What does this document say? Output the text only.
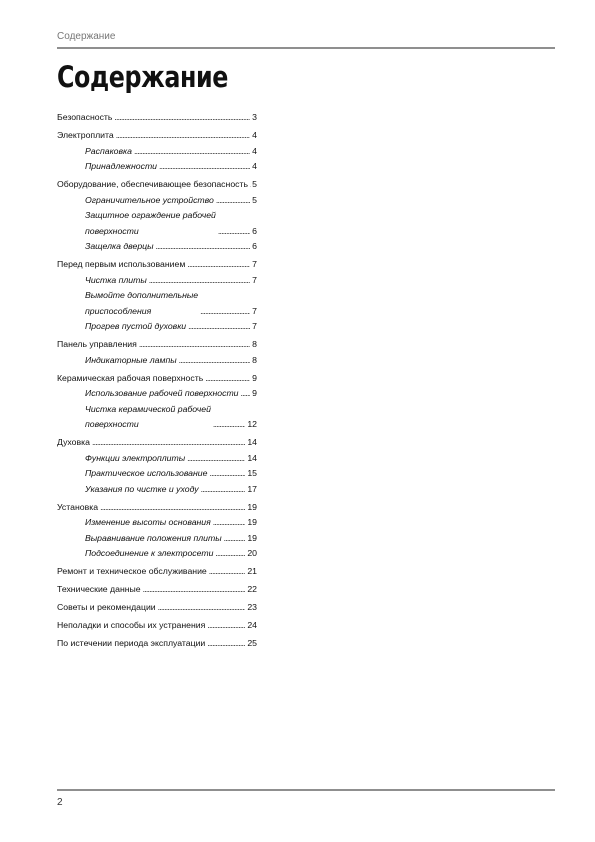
Содержание
Содержание
Безопасность . . .	3
Электроплита . . .	4
Распаковка . . .	4
Принадлежности . . .	4
Оборудование, обеспечивающее безопасность . . . 5
Ограничительное устройство . . .	5
Защитное ограждение рабочей
поверхности . . .	6
Защелка дверцы . . .	6
Перед первым использованием . . .	7
Чистка плиты . . .	7
Вымойте дополнительные
приспособления . . .	7
Прогрев пустой духовки . . .	7
Панель управления . . .	8
Индикаторные лампы . . .	8
Керамическая рабочая поверхность . . .	9
Использование рабочей поверхности . . . 9
Чистка керамической рабочей
поверхности . . .	12
Духовка . . .	14
Функции электроплиты . . .	14
Практическое использование . . .	15
Указания по чистке и уходу . . .	17
Установка . . .	19
Изменение высоты основания . . .	19
Выравнивание положения плиты . . .	19
Подсоединение к электросети . . .	20
Ремонт и техническое обслуживание . . .	21
Технические данные . . .	22
Советы и рекомендации . . .	23
Неполадки и способы их устранения . . .	24
По истечении периода эксплуатации . . .	25
2
